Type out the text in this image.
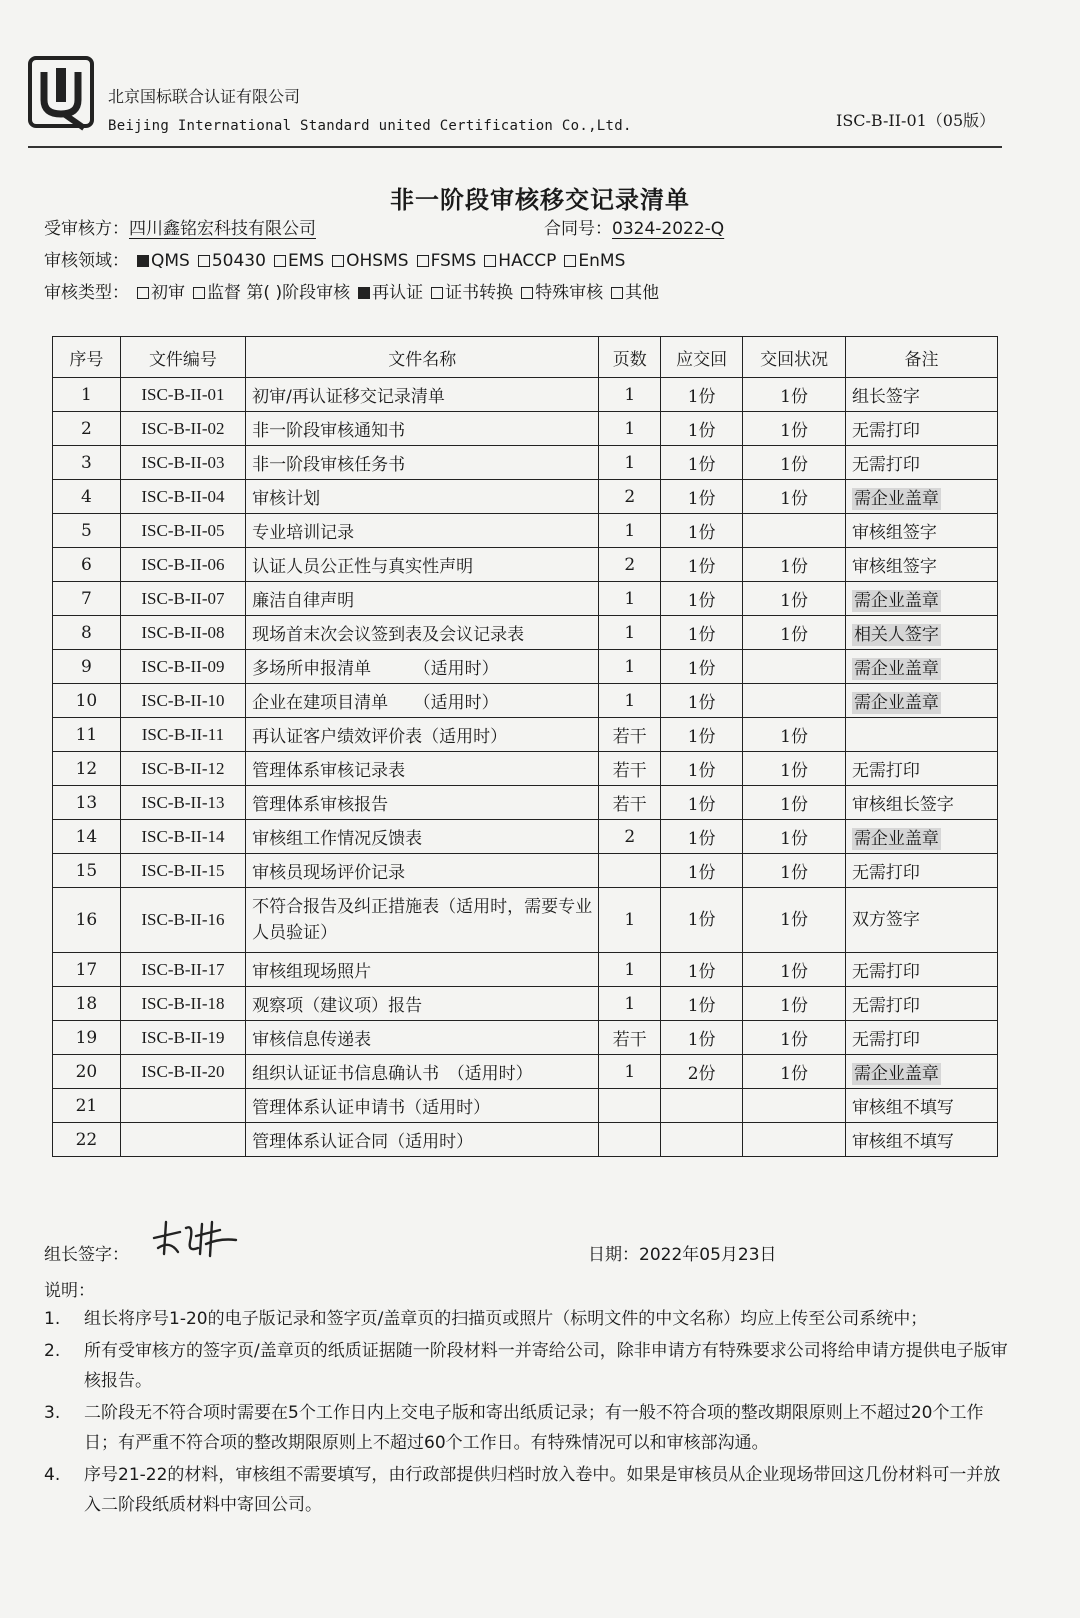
北京国标联合认证有限公司
Beijing International Standard united Certification Co.,Ltd.	ISC-B-II-01（05版）
非一阶段审核移交记录清单
受审核方：四川鑫铭宏科技有限公司	合同号：0324-2022-Q
审核领域： QMS 50430 EMS OHSMS FSMS HACCP EnMS
审核类型： 初审 监督 第( )阶段审核 再认证 证书转换 特殊审核 其他
序号	文件编号	文件名称	页数	应交回	交回状况	备注
1	ISC-B-II-01	初审/再认证移交记录清单	1	1份	1份	组长签字
2	ISC-B-II-02	非一阶段审核通知书	1	1份	1份	无需打印
3	ISC-B-II-03	非一阶段审核任务书	1	1份	1份	无需打印
4	ISC-B-II-04	审核计划	2	1份	1份	需企业盖章
5	ISC-B-II-05	专业培训记录	1	1份		审核组签字
6	ISC-B-II-06	认证人员公正性与真实性声明	2	1份	1份	审核组签字
7	ISC-B-II-07	廉洁自律声明	1	1份	1份	需企业盖章
8	ISC-B-II-08	现场首末次会议签到表及会议记录表	1	1份	1份	相关人签字
9	ISC-B-II-09	多场所申报清单　　　（适用时）	1	1份		需企业盖章
10	ISC-B-II-10	企业在建项目清单　　（适用时）	1	1份		需企业盖章
11	ISC-B-II-11	再认证客户绩效评价表（适用时）	若干	1份	1份	
12	ISC-B-II-12	管理体系审核记录表	若干	1份	1份	无需打印
13	ISC-B-II-13	管理体系审核报告	若干	1份	1份	审核组长签字
14	ISC-B-II-14	审核组工作情况反馈表	2	1份	1份	需企业盖章
15	ISC-B-II-15	审核员现场评价记录		1份	1份	无需打印
16	ISC-B-II-16	不符合报告及纠正措施表（适用时，需要专业人员验证）	1	1份	1份	双方签字
17	ISC-B-II-17	审核组现场照片	1	1份	1份	无需打印
18	ISC-B-II-18	观察项（建议项）报告	1	1份	1份	无需打印
19	ISC-B-II-19	审核信息传递表	若干	1份	1份	无需打印
20	ISC-B-II-20	组织认证证书信息确认书　（适用时）	1	2份	1份	需企业盖章
21		管理体系认证申请书（适用时）				审核组不填写
22		管理体系认证合同（适用时）				审核组不填写
组长签字：	日期：2022年05月23日
说明：
1. 组长将序号1-20的电子版记录和签字页/盖章页的扫描页或照片（标明文件的中文名称）均应上传至公司系统中；
2. 所有受审核方的签字页/盖章页的纸质证据随一阶段材料一并寄给公司，除非申请方有特殊要求公司将给申请方提供电子版审核报告。
3. 二阶段无不符合项时需要在5个工作日内上交电子版和寄出纸质记录；有一般不符合项的整改期限原则上不超过20个工作日；有严重不符合项的整改期限原则上不超过60个工作日。有特殊情况可以和审核部沟通。
4. 序号21-22的材料，审核组不需要填写，由行政部提供归档时放入卷中。如果是审核员从企业现场带回这几份材料可一并放入二阶段纸质材料中寄回公司。
